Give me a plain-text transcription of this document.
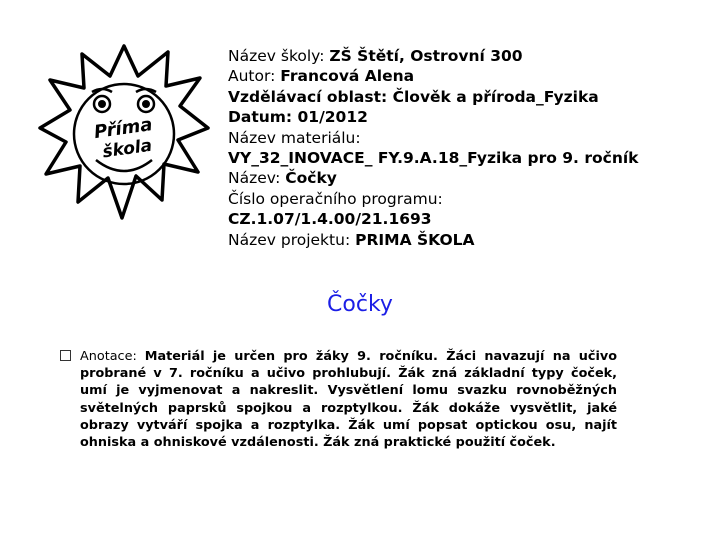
Příma
škola
Název školy: ZŠ Štětí, Ostrovní 300
Autor: Francová Alena
Vzdělávací oblast: Člověk a příroda_Fyzika
Datum: 01/2012
Název materiálu:
VY_32_INOVACE_ FY.9.A.18_Fyzika pro 9. ročník
Název: Čočky
Číslo operačního programu:
CZ.1.07/1.4.00/21.1693
Název projektu: PRIMA ŠKOLA
Čočky
Anotace: Materiál je určen pro žáky 9. ročníku. Žáci navazují na učivo probrané v 7. ročníku a učivo prohlubují. Žák zná základní typy čoček, umí je vyjmenovat a nakreslit. Vysvětlení lomu svazku rovnoběžných světelných paprsků spojkou a rozptylkou. Žák dokáže vysvětlit, jaké obrazy vytváří spojka a rozptylka. Žák umí popsat optickou osu, najít ohniska a ohniskové vzdálenosti. Žák zná praktické použití čoček.
